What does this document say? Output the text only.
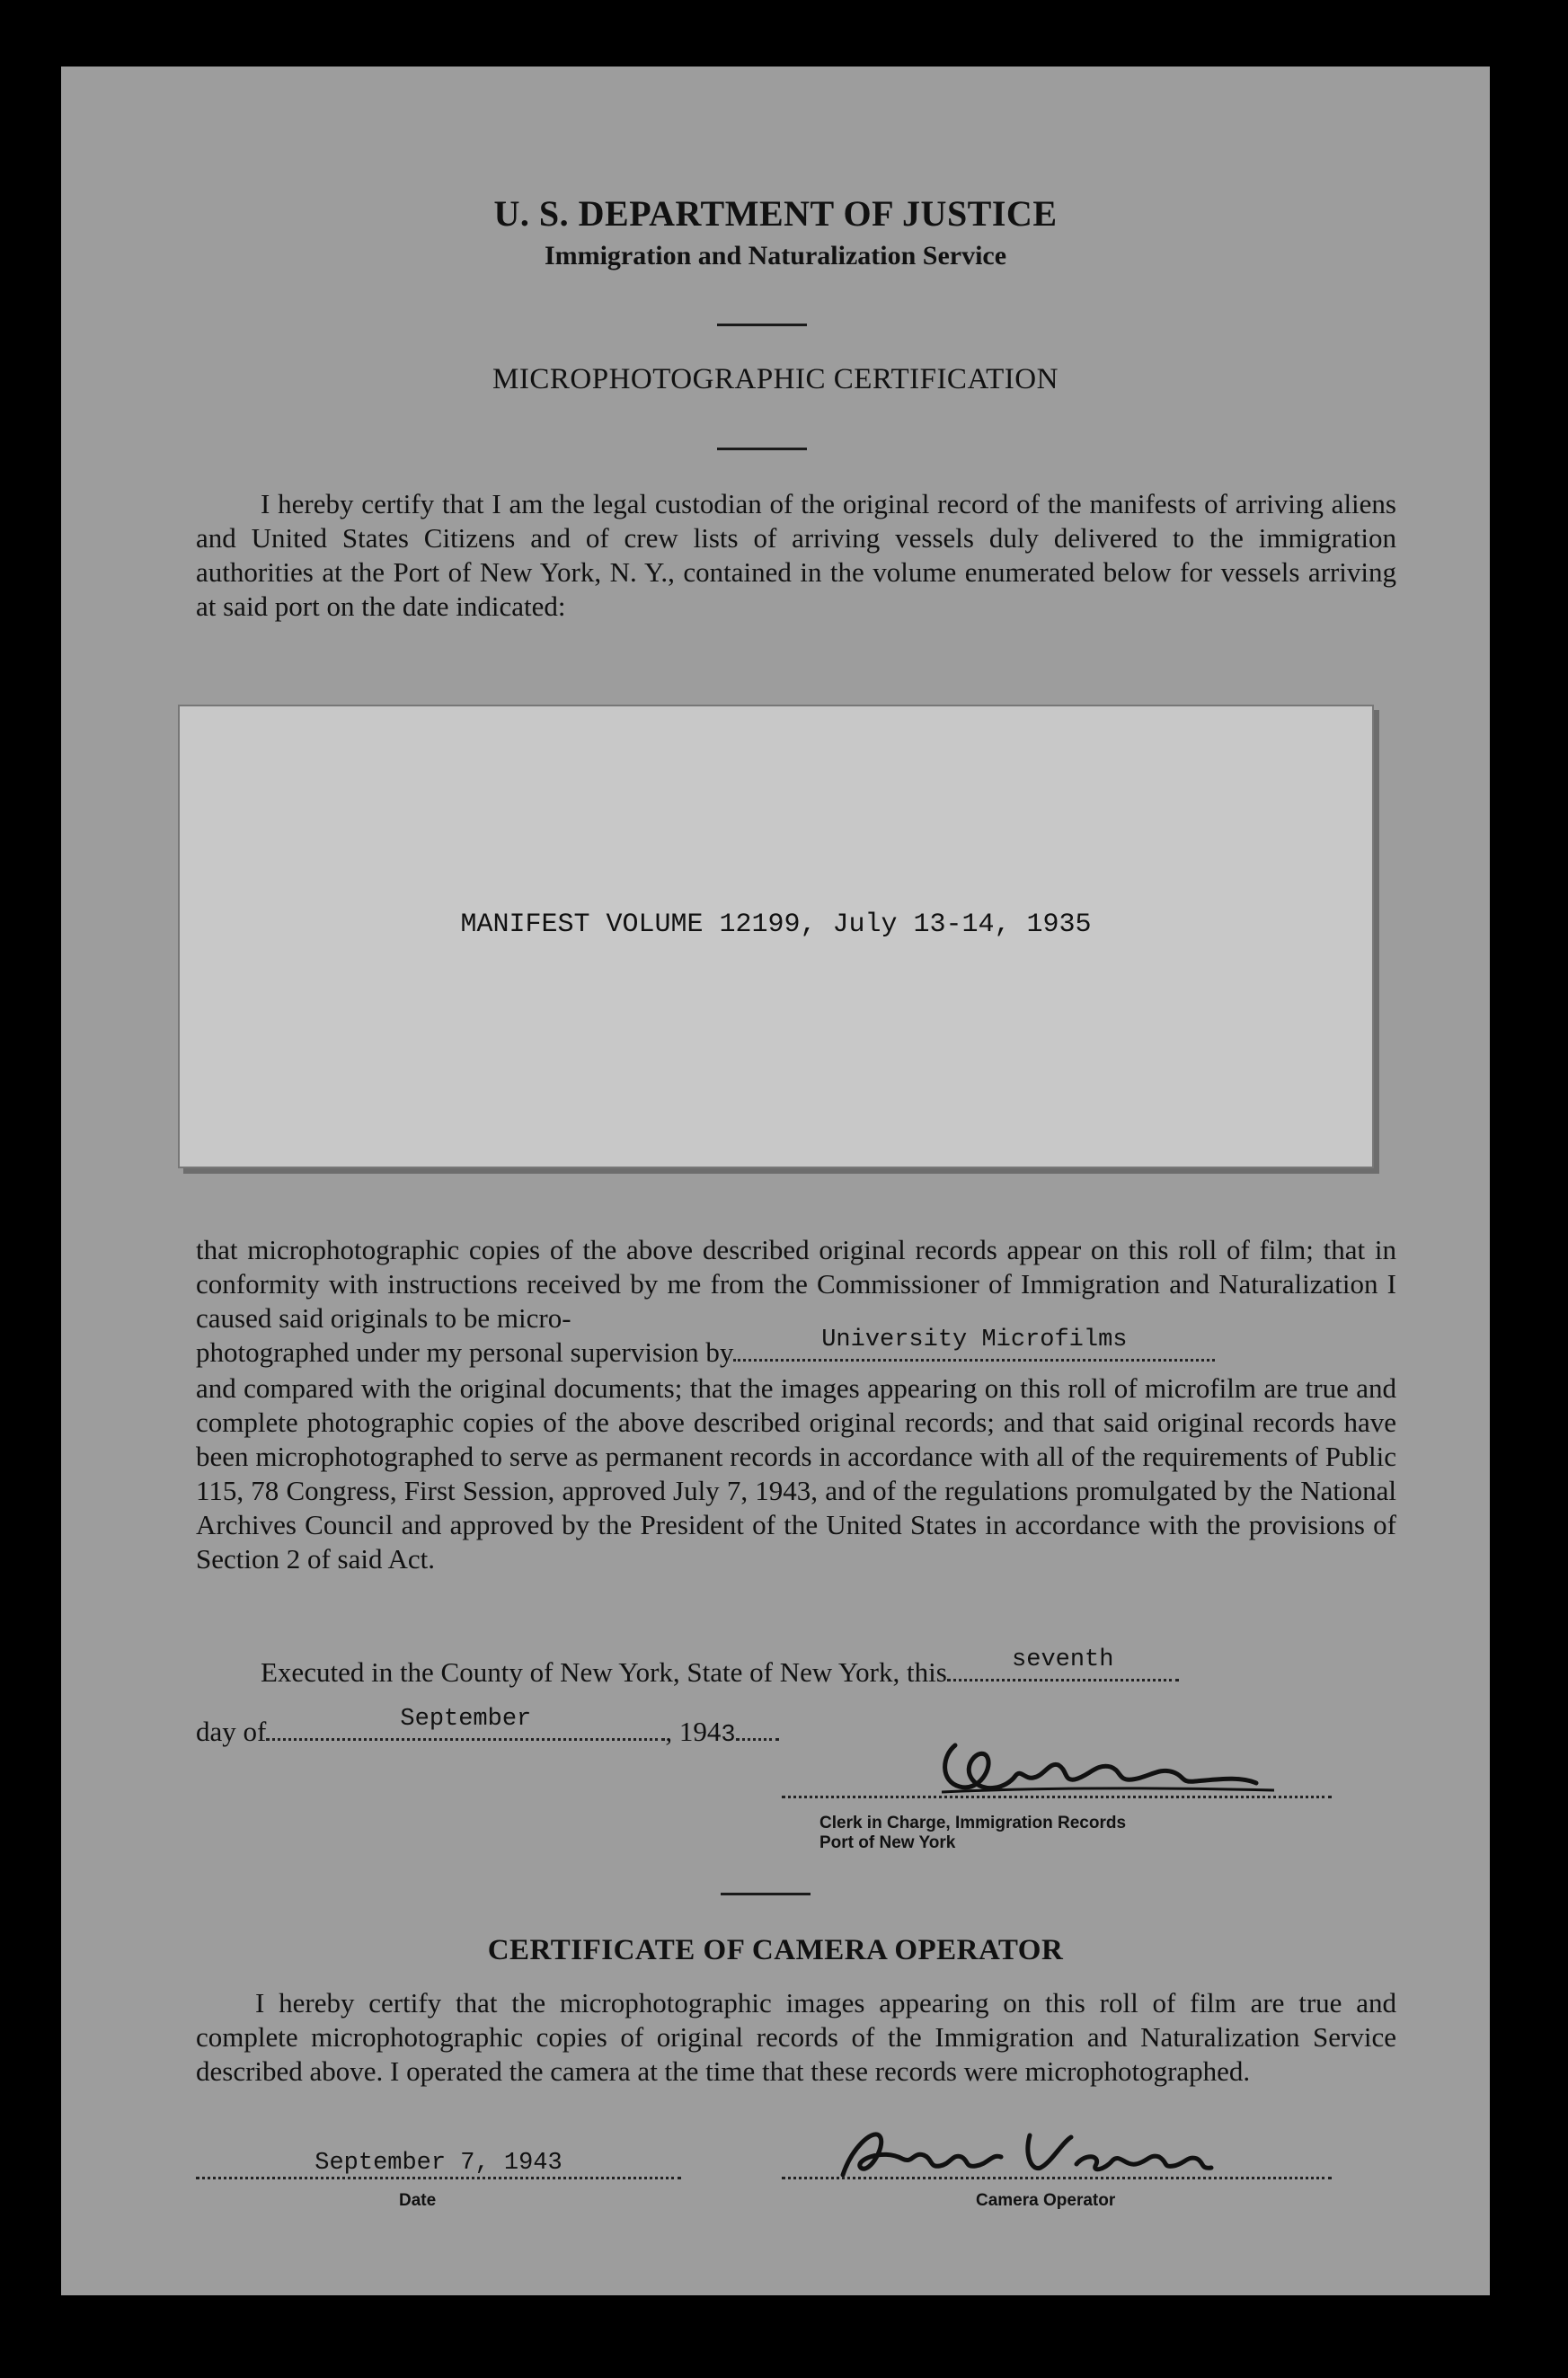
U. S. DEPARTMENT OF JUSTICE
Immigration and Naturalization Service
MICROPHOTOGRAPHIC CERTIFICATION
I hereby certify that I am the legal custodian of the original record of the manifests of arriving aliens and United States Citizens and of crew lists of arriving vessels duly delivered to the immigration authorities at the Port of New York, N. Y., contained in the volume enumerated below for vessels arriving at said port on the date indicated:
MANIFEST VOLUME 12199, July 13-14, 1935
that microphotographic copies of the above described original records appear on this roll of film; that in conformity with instructions received by me from the Commissioner of Immigration and Naturalization I caused said originals to be micro-
photographed under my personal supervision by	University Microfilms
and compared with the original documents; that the images appearing on this roll of microfilm are true and complete photographic copies of the above described original records; and that said original records have been microphotographed to serve as permanent records in accordance with all of the requirements of Public 115, 78 Congress, First Session, approved July 7, 1943, and of the regulations promulgated by the National Archives Council and approved by the President of the United States in accordance with the provisions of Section 2 of said Act.
Executed in the County of New York, State of New York, this	seventh
day of	September	, 1943
Clerk in Charge, Immigration Records
Port of New York
CERTIFICATE OF CAMERA OPERATOR
I hereby certify that the microphotographic images appearing on this roll of film are true and complete microphotographic copies of original records of the Immigration and Naturalization Service described above. I operated the camera at the time that these records were microphotographed.
September 7, 1943
Date	Camera Operator
